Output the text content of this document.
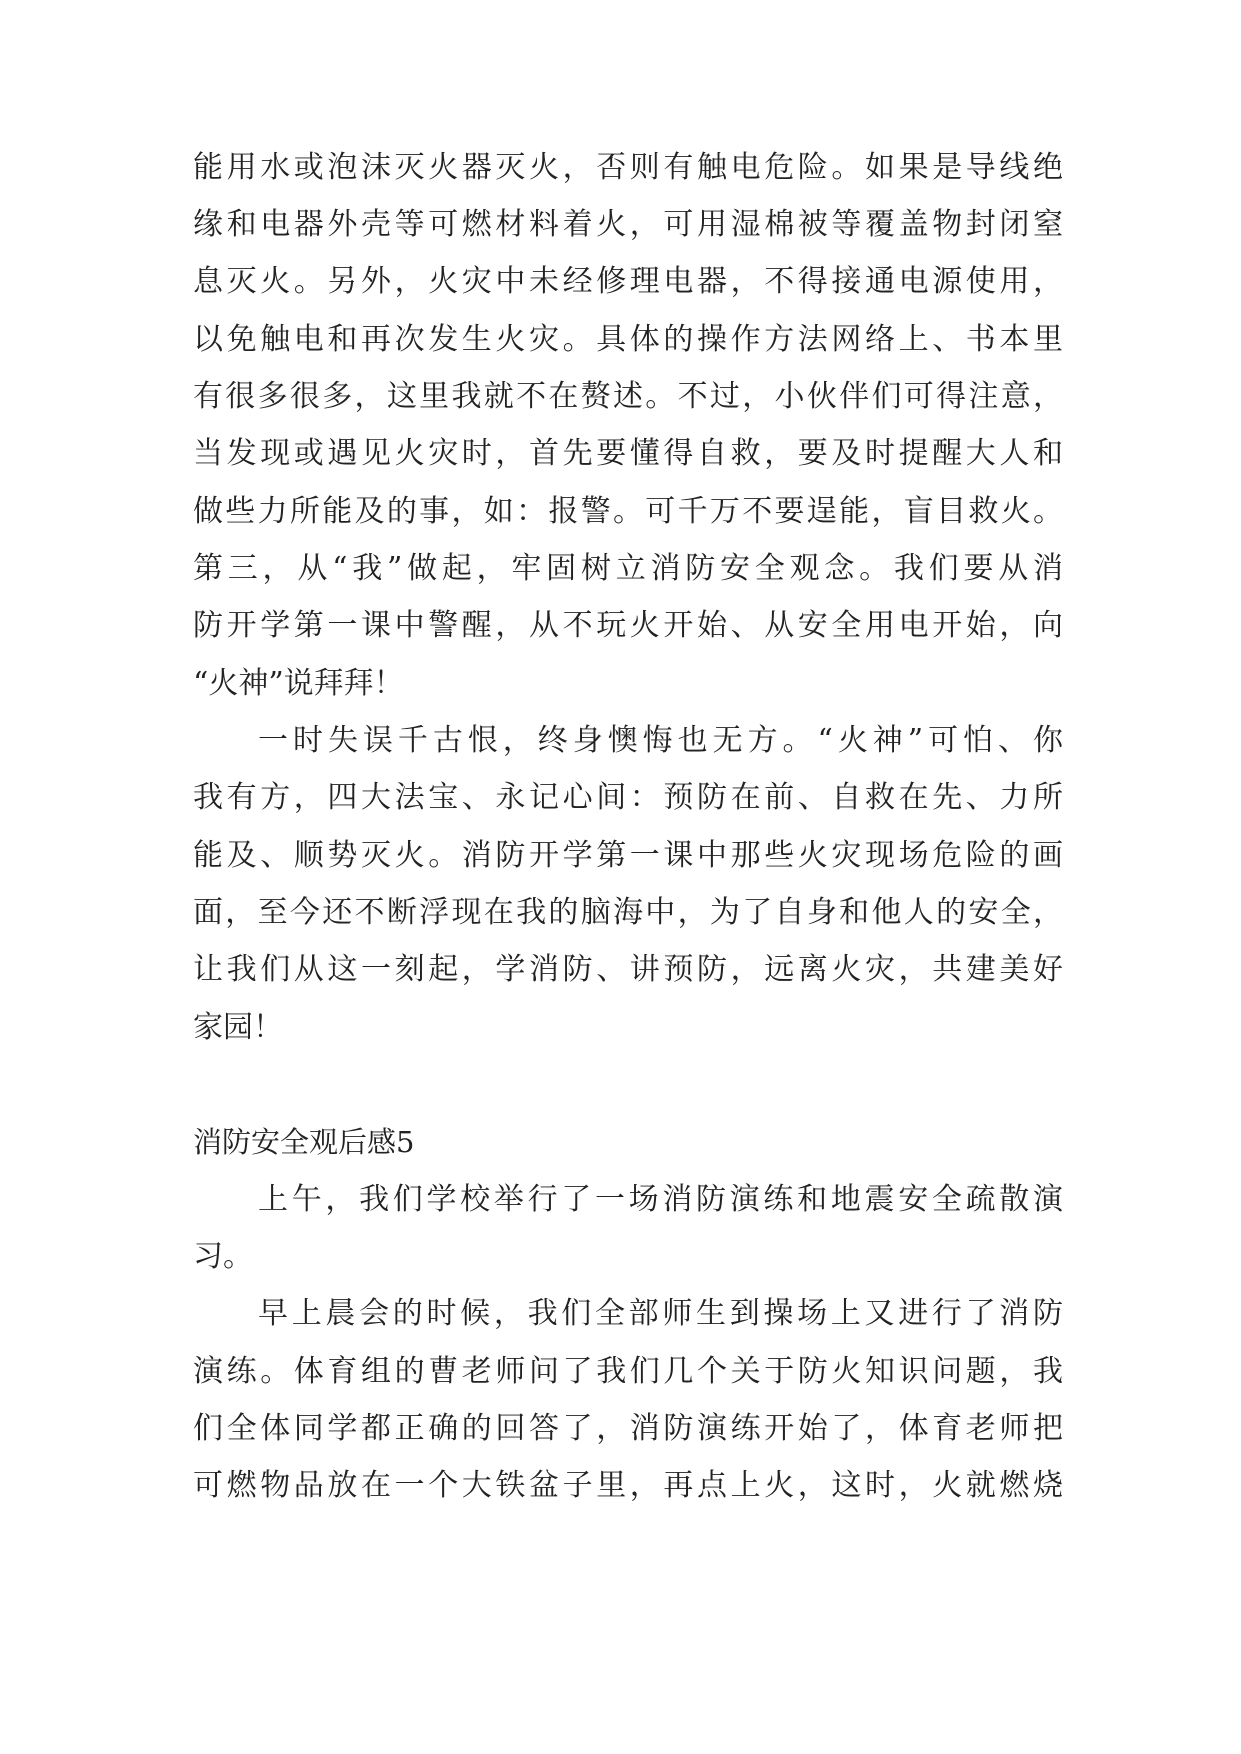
能用水或泡沫灭火器灭火，否则有触电危险。如果是导线绝
缘和电器外壳等可燃材料着火，可用湿棉被等覆盖物封闭窒
息灭火。另外，火灾中未经修理电器，不得接通电源使用，
以免触电和再次发生火灾。具体的操作方法网络上、书本里
有很多很多，这里我就不在赘述。不过，小伙伴们可得注意，
当发现或遇见火灾时，首先要懂得自救，要及时提醒大人和
做些力所能及的事，如：报警。可千万不要逞能，盲目救火。
第三，从“我”做起，牢固树立消防安全观念。我们要从消
防开学第一课中警醒，从不玩火开始、从安全用电开始，向
“火神”说拜拜！
一时失误千古恨，终身懊悔也无方。“火神”可怕、你
我有方，四大法宝、永记心间：预防在前、自救在先、力所
能及、顺势灭火。消防开学第一课中那些火灾现场危险的画
面，至今还不断浮现在我的脑海中，为了自身和他人的安全，
让我们从这一刻起，学消防、讲预防，远离火灾，共建美好
家园！
消防安全观后感5
上午，我们学校举行了一场消防演练和地震安全疏散演
习。
早上晨会的时候，我们全部师生到操场上又进行了消防
演练。体育组的曹老师问了我们几个关于防火知识问题，我
们全体同学都正确的回答了，消防演练开始了，体育老师把
可燃物品放在一个大铁盆子里，再点上火，这时，火就燃烧
